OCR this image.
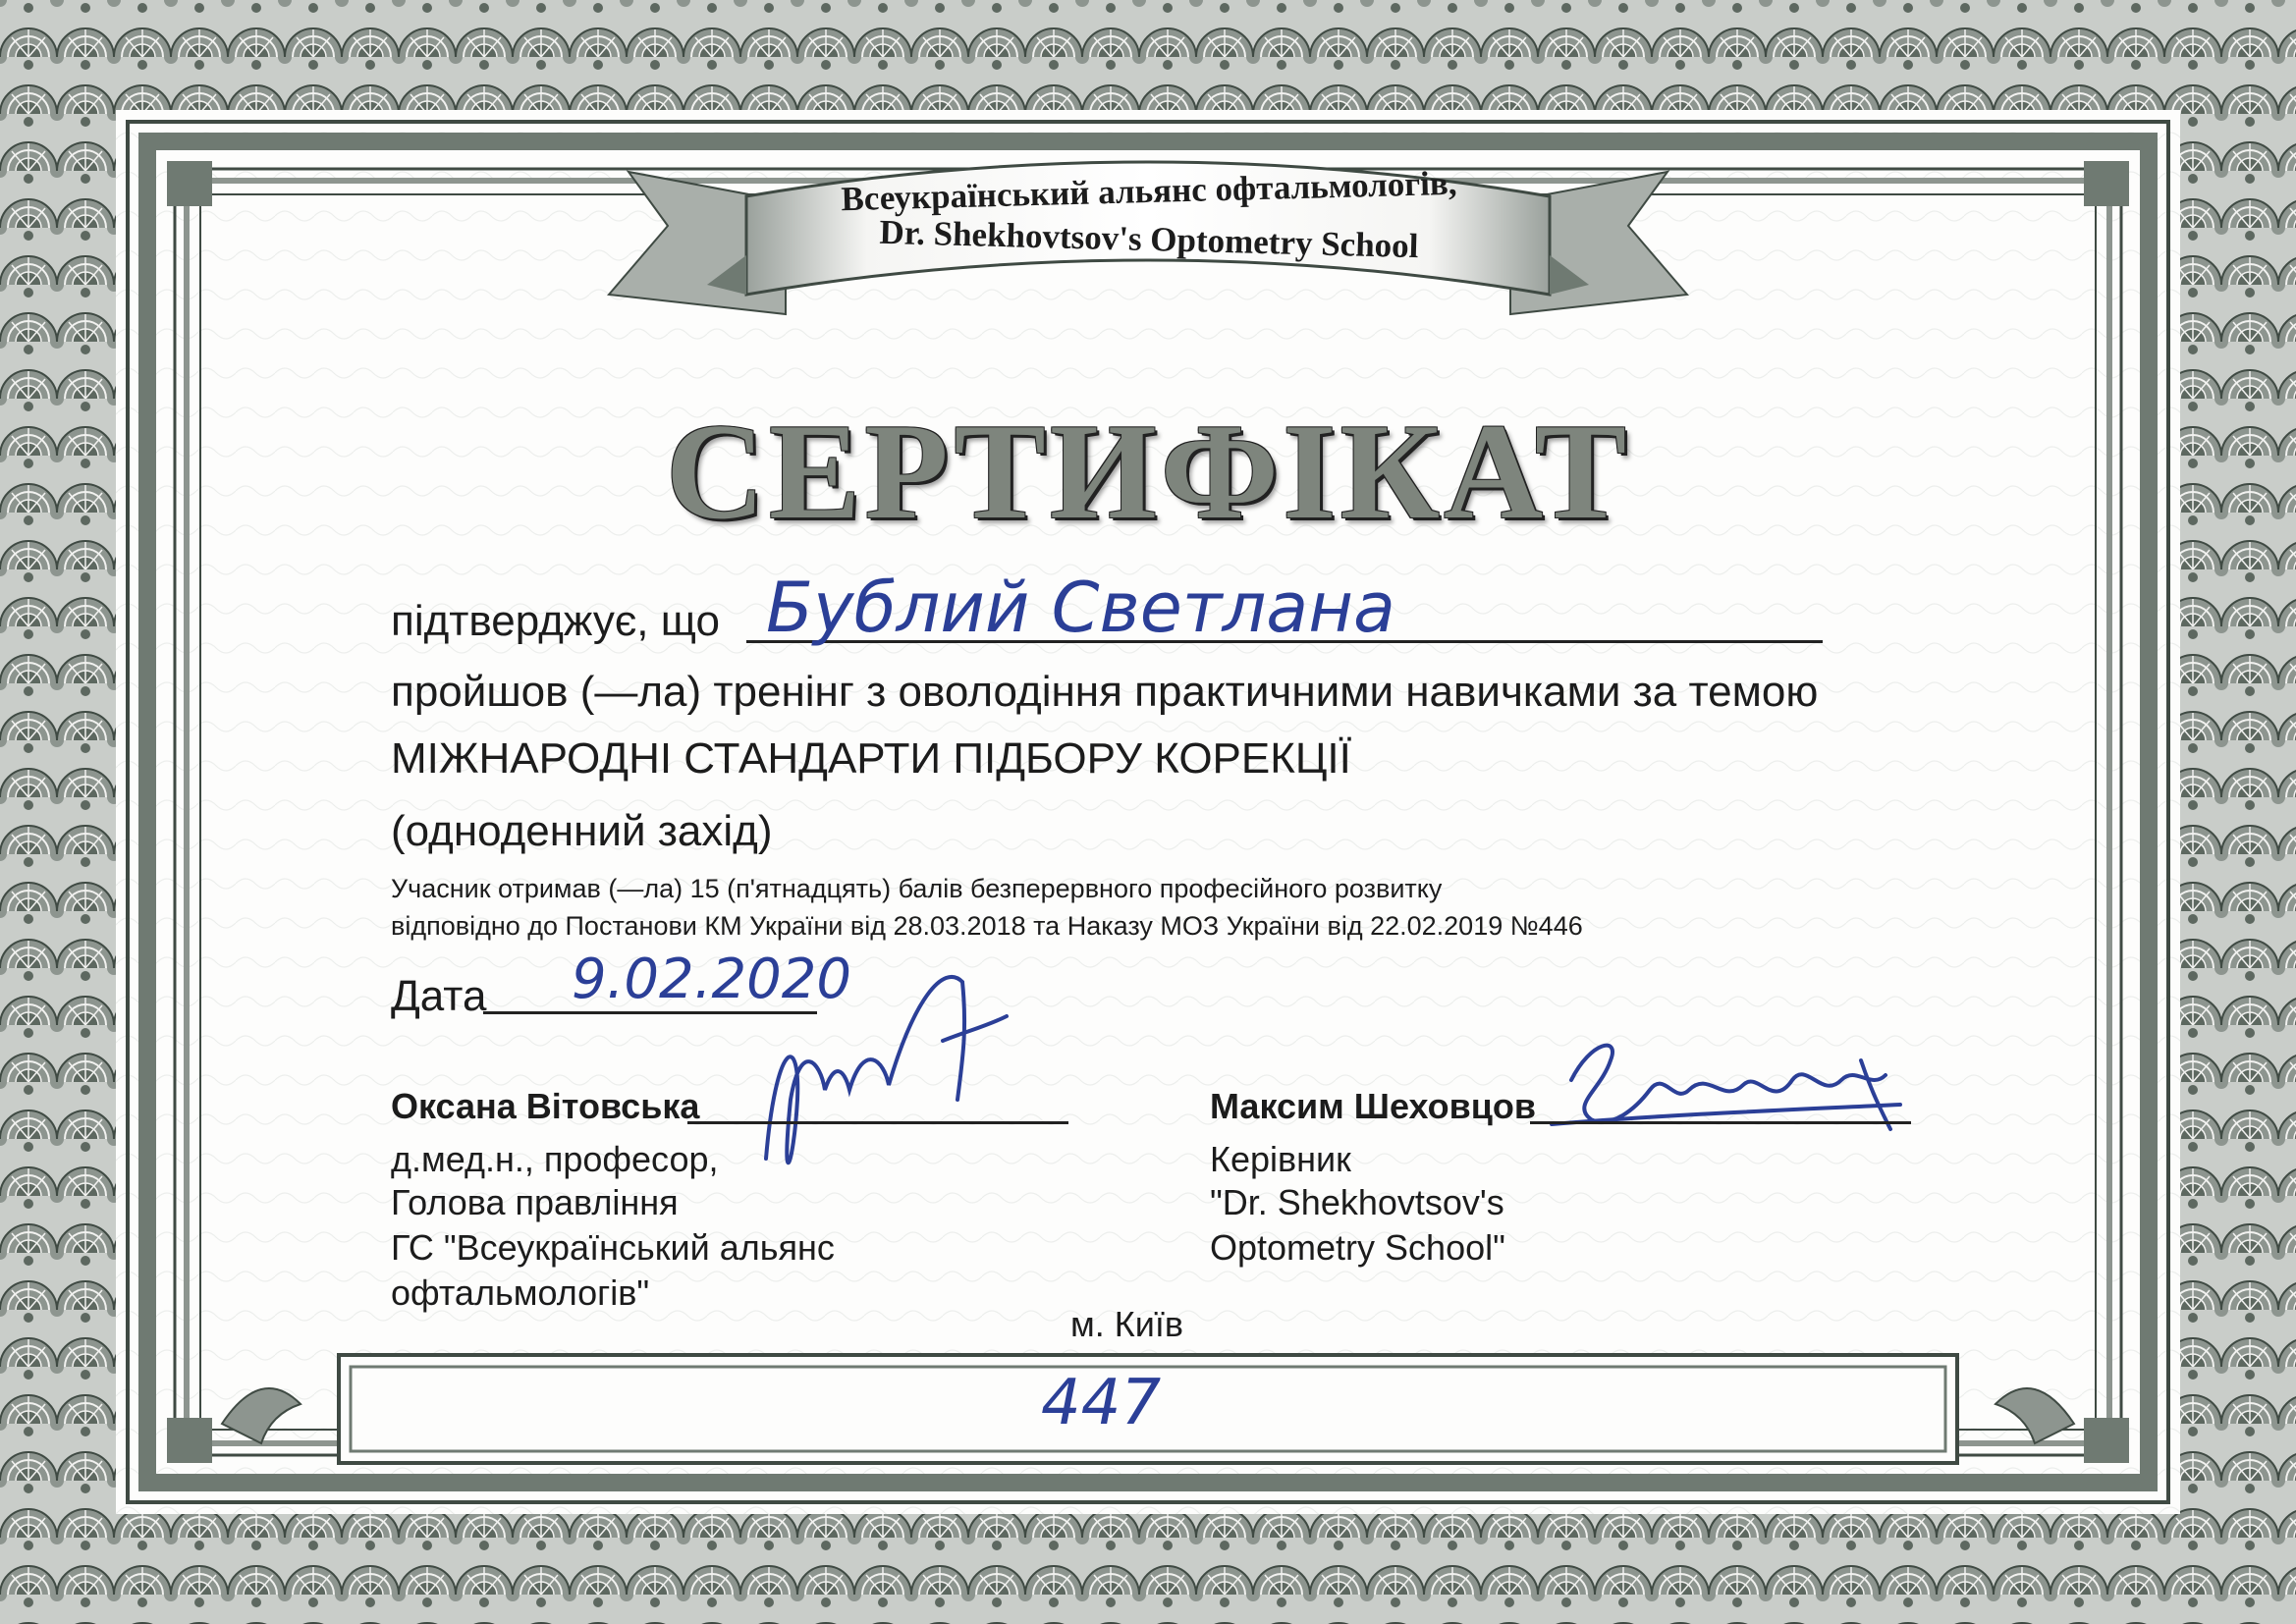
Всеукраїнський альянс офтальмологів,
Dr. Shekhovtsov's Optometry School
СЕРТИФІКАТ
підтверджує, що Бублий Светлана
пройшов (—ла) тренінг з оволодіння практичними навичками за темою
МІЖНАРОДНІ СТАНДАРТИ ПІДБОРУ КОРЕКЦІЇ
(одноденний захід)
Учасник отримав (—ла) 15 (п'ятнадцять) балів безперервного професійного розвитку
відповідно до Постанови КМ України від 28.03.2018 та Наказу МОЗ України від 22.02.2019 №446
Дата 9.02.2020
Оксана Вітовська
д.мед.н., професор,
Голова правління
ГС "Всеукраїнський альянс
офтальмологів"
Максим Шеховцов
Керівник
"Dr. Shekhovtsov's
Optometry School"
м. Київ
447
